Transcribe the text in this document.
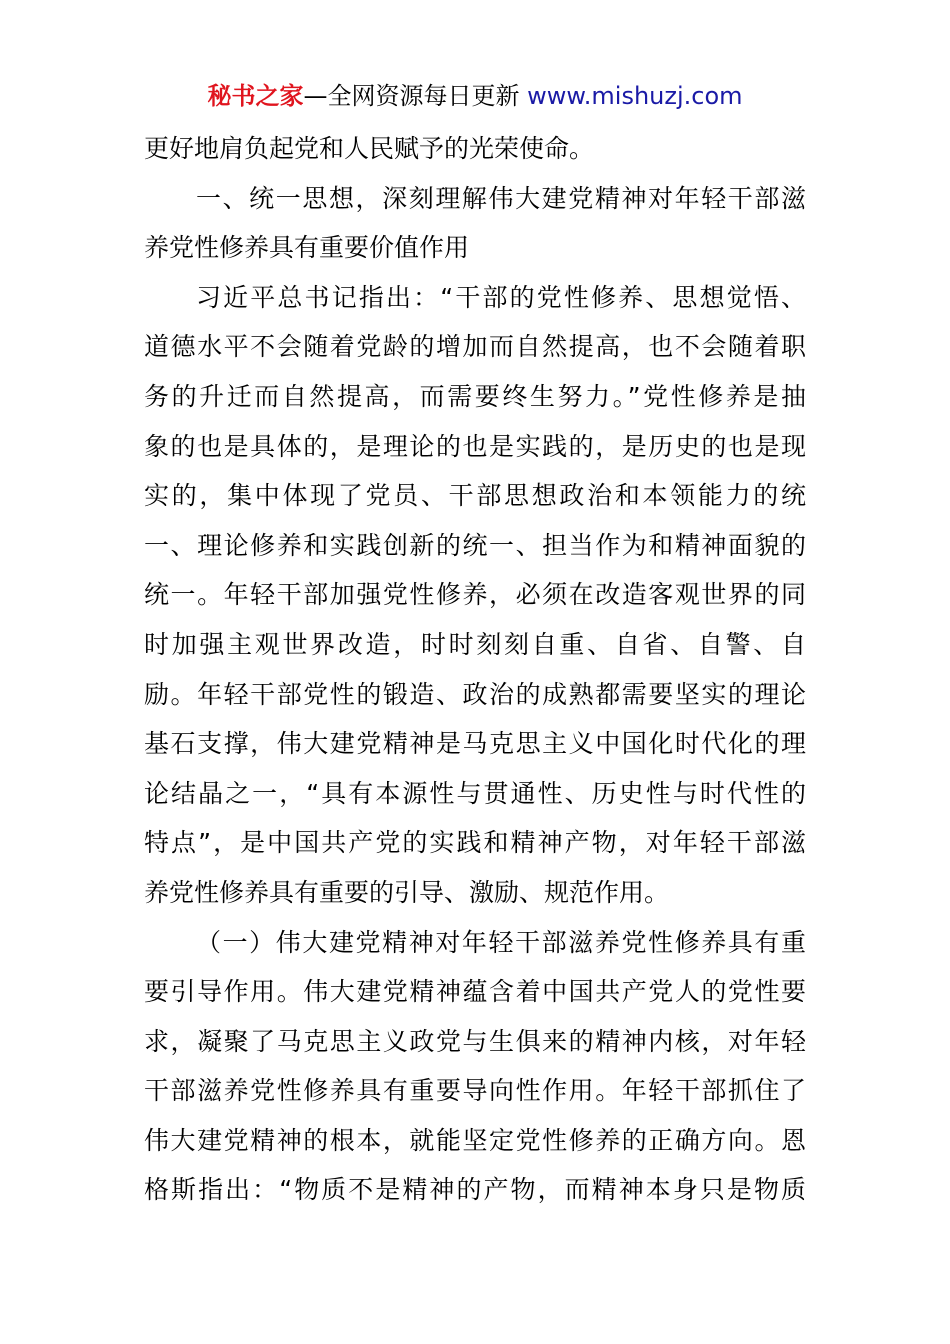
秘书之家—全网资源每日更新 www.mishuzj.com
更好地肩负起党和人民赋予的光荣使命。
一、统一思想，深刻理解伟大建党精神对年轻干部滋
养党性修养具有重要价值作用
习近平总书记指出：“干部的党性修养、思想觉悟、
道德水平不会随着党龄的增加而自然提高，也不会随着职
务的升迁而自然提高，而需要终生努力。”党性修养是抽
象的也是具体的，是理论的也是实践的，是历史的也是现
实的，集中体现了党员、干部思想政治和本领能力的统
一、理论修养和实践创新的统一、担当作为和精神面貌的
统一。年轻干部加强党性修养，必须在改造客观世界的同
时加强主观世界改造，时时刻刻自重、自省、自警、自
励。年轻干部党性的锻造、政治的成熟都需要坚实的理论
基石支撑，伟大建党精神是马克思主义中国化时代化的理
论结晶之一，“具有本源性与贯通性、历史性与时代性的
特点”，是中国共产党的实践和精神产物，对年轻干部滋
养党性修养具有重要的引导、激励、规范作用。
（一）伟大建党精神对年轻干部滋养党性修养具有重
要引导作用。伟大建党精神蕴含着中国共产党人的党性要
求，凝聚了马克思主义政党与生俱来的精神内核，对年轻
干部滋养党性修养具有重要导向性作用。年轻干部抓住了
伟大建党精神的根本，就能坚定党性修养的正确方向。恩
格斯指出：“物质不是精神的产物，而精神本身只是物质
